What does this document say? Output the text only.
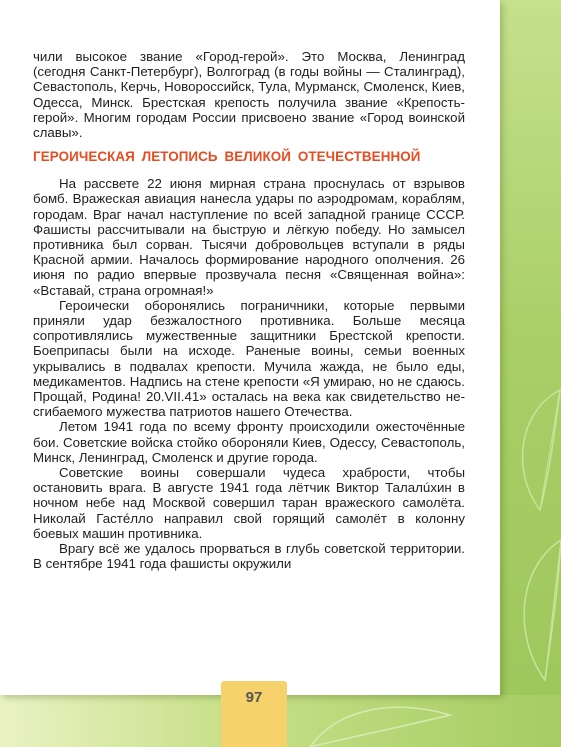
чили высокое звание «Город-герой». Это Москва, Ленинград (сегодня Санкт-Петербург), Волгоград (в годы войны — Сталинград), Севастополь, Керчь, Новороссийск, Тула, Мурманск, Смоленск, Киев, Одесса, Минск. Брестская крепость получила звание «Крепость-герой». Многим городам России присвоено звание «Город воинской славы».

ГЕРОИЧЕСКАЯ ЛЕТОПИСЬ ВЕЛИКОЙ ОТЕЧЕСТВЕННОЙ

На рассвете 22 июня мирная страна проснулась от взрывов бомб. Вражеская авиация нанесла удары по аэродромам, кораблям, городам. Враг начал наступление по всей западной границе СССР. Фашисты рассчитывали на быструю и лёгкую победу. Но замысел противника был сорван. Тысячи добровольцев вступали в ряды Красной армии. Началось формирование народного ополчения. 26 июня по радио впервые прозвучала песня «Священная война»: «Вставай, страна огромная!»

Героически оборонялись пограничники, которые первыми приняли удар безжалостного противника. Больше месяца сопротивлялись мужественные защитники Брестской крепости. Боеприпасы были на исходе. Раненые воины, семьи военных укрывались в подвалах крепости. Мучила жажда, не было еды, медикаментов. Надпись на стене крепости «Я умираю, но не сдаюсь. Прощай, Родина! 20.VII.41» осталась на века как свидетельство несгибаемого мужества патриотов нашего Отечества.

Летом 1941 года по всему фронту происходили ожесточённые бои. Советские войска стойко обороняли Киев, Одессу, Севастополь, Минск, Ленинград, Смоленск и другие города.

Советские воины совершали чудеса храбрости, чтобы остановить врага. В августе 1941 года лётчик Виктор Талалúхин в ночном небе над Москвой совершил таран вражеского самолёта. Николай Гастéлло направил свой горящий самолёт в колонну боевых машин противника.

Врагу всё же удалось прорваться в глубь советской территории. В сентябре 1941 года фашисты окружили

97
